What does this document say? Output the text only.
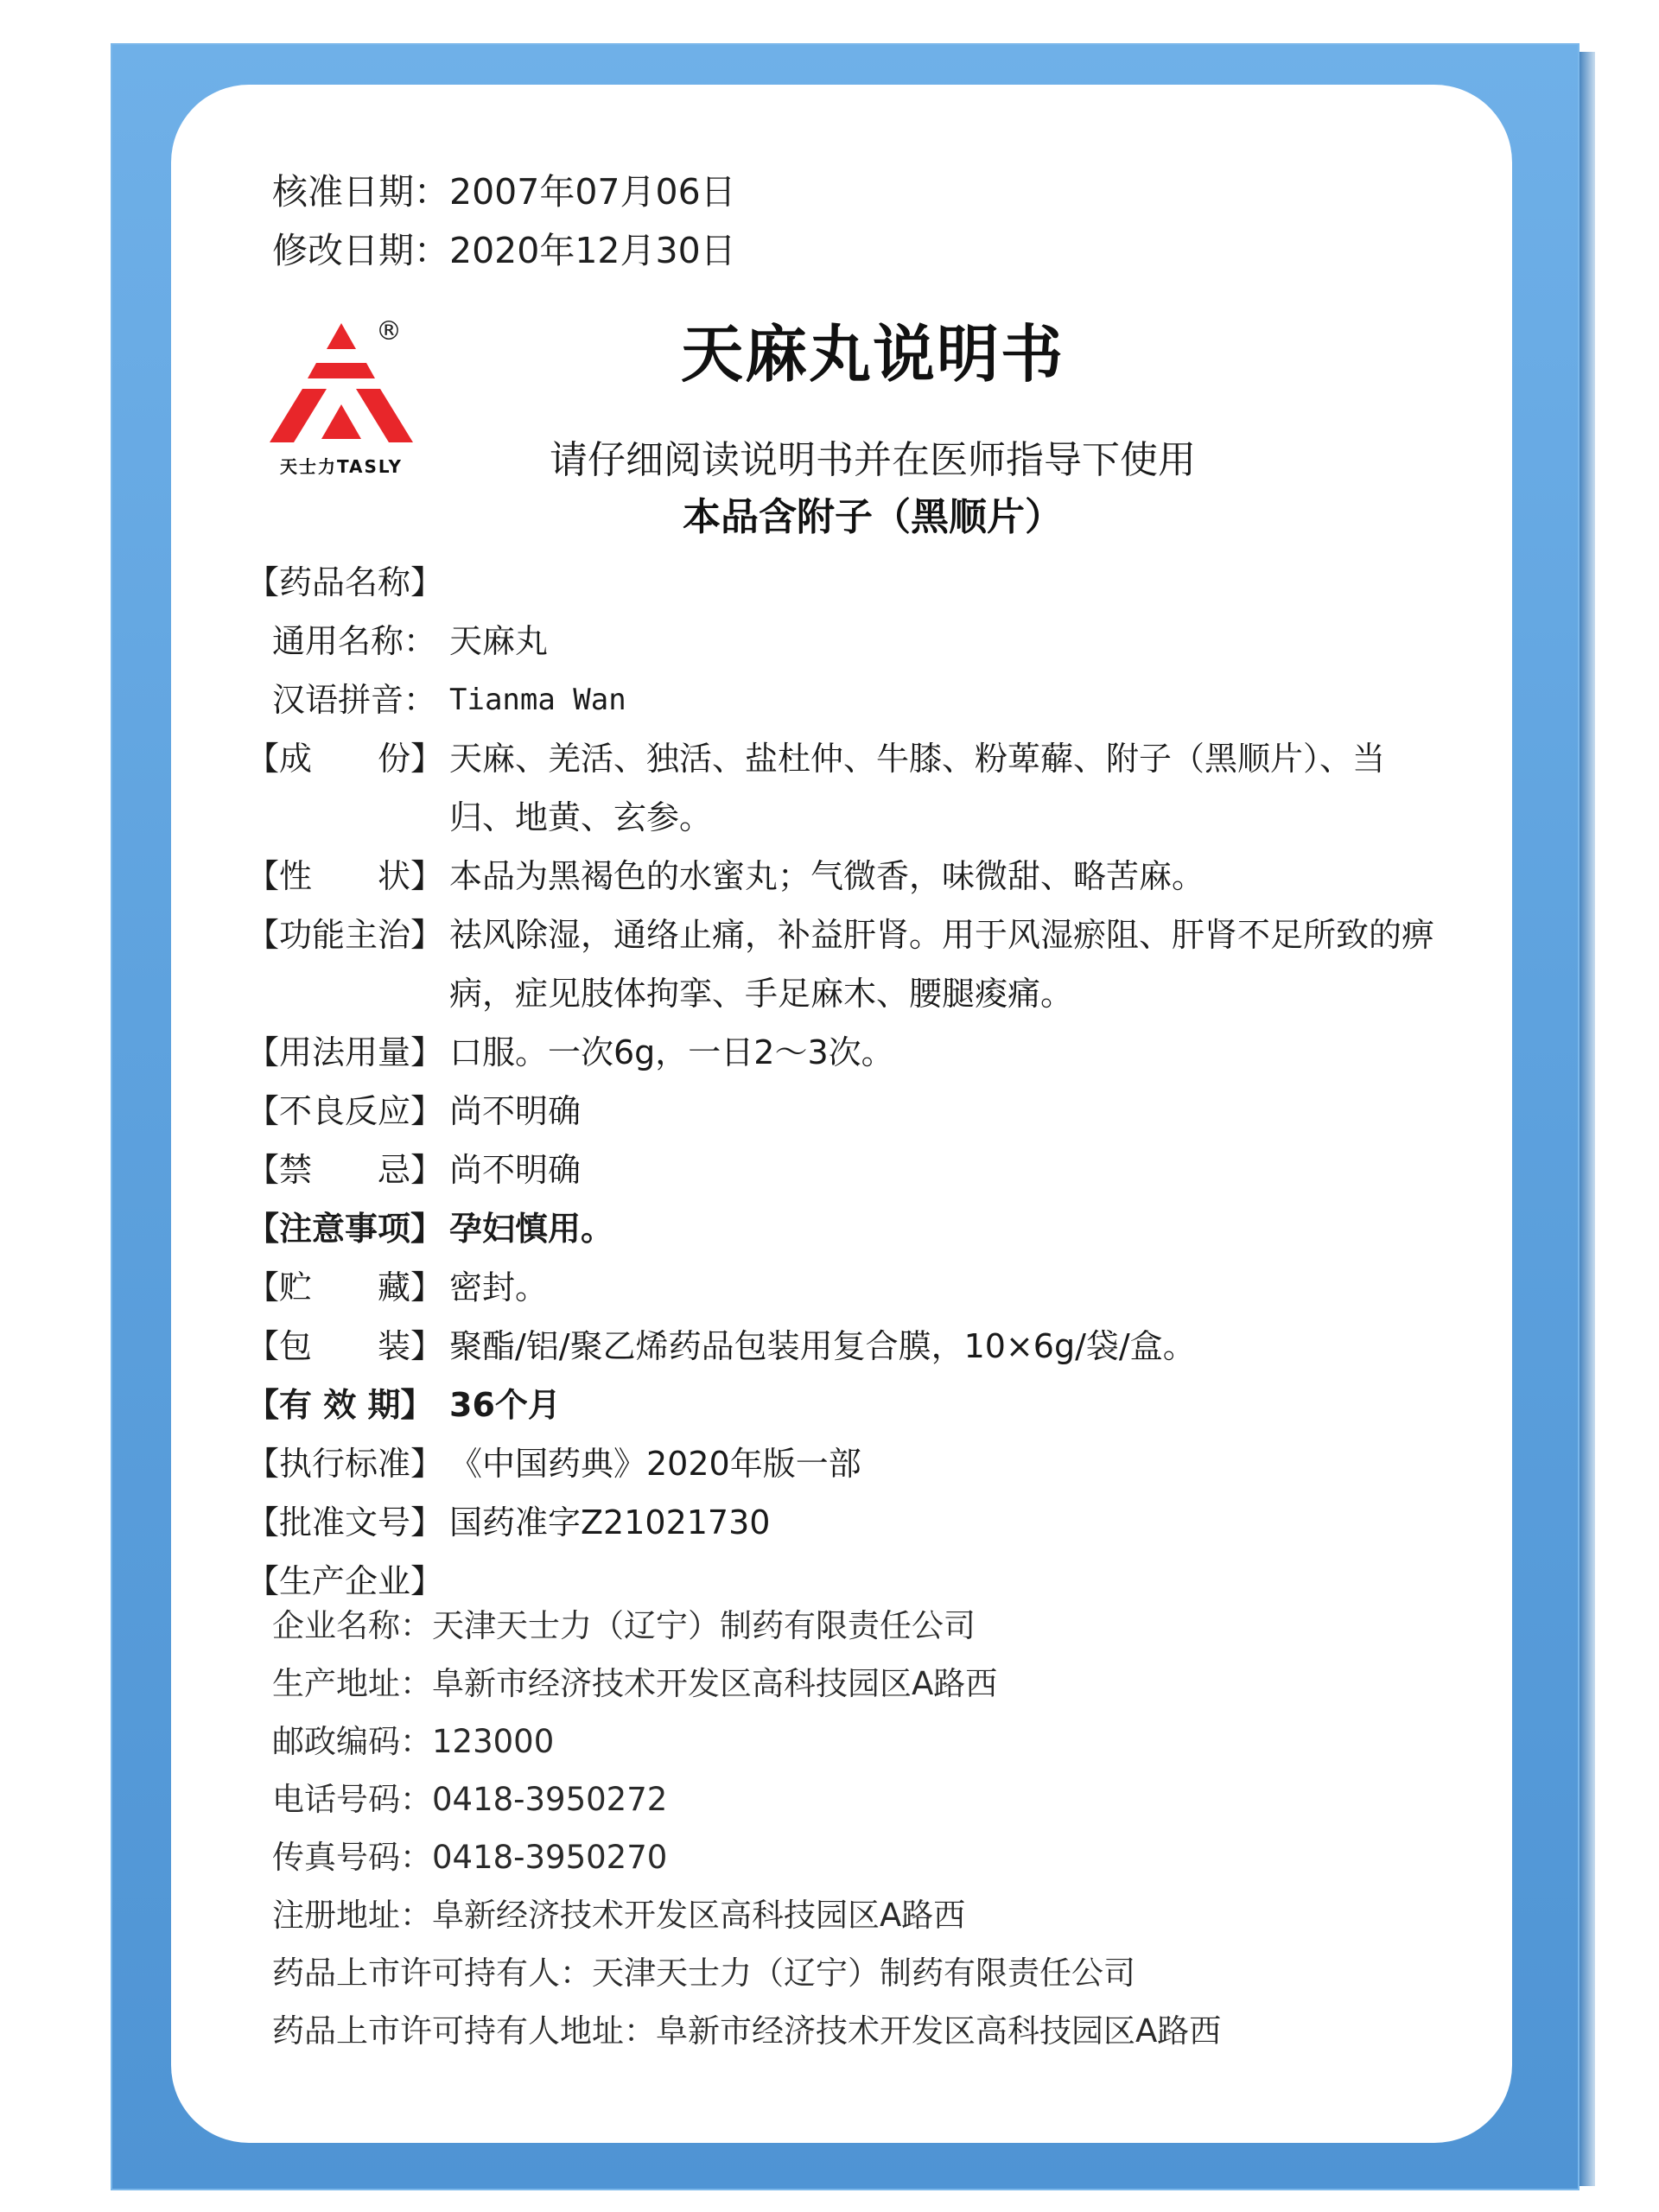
核准日期： 2007年07月06日
修改日期： 2020年12月30日
®
天士力TASLY
天麻丸说明书
请仔细阅读说明书并在医师指导下使用
本品含附子（黑顺片）
【药品名称】
通用名称： 天麻丸
汉语拼音： Tianma Wan
【成　　份】 天麻、羌活、独活、盐杜仲、牛膝、粉萆薢、附子（黑顺片）、当归、地黄、玄参。
【性　　状】 本品为黑褐色的水蜜丸；气微香，味微甜、略苦麻。
【功能主治】 祛风除湿，通络止痛，补益肝肾。用于风湿瘀阻、肝肾不足所致的痹病，症见肢体拘挛、手足麻木、腰腿痠痛。
【用法用量】 口服。一次6g，一日2～3次。
【不良反应】 尚不明确
【禁　　忌】 尚不明确
【注意事项】 孕妇慎用。
【贮　　藏】 密封。
【包　　装】 聚酯/铝/聚乙烯药品包装用复合膜，10×6g/袋/盒。
【有 效 期】 36个月
【执行标准】 《中国药典》2020年版一部
【批准文号】 国药准字Z21021730
【生产企业】
企业名称：天津天士力（辽宁）制药有限责任公司
生产地址：阜新市经济技术开发区高科技园区A路西
邮政编码：123000
电话号码：0418-3950272
传真号码：0418-3950270
注册地址：阜新经济技术开发区高科技园区A路西
药品上市许可持有人：天津天士力（辽宁）制药有限责任公司
药品上市许可持有人地址：阜新市经济技术开发区高科技园区A路西
